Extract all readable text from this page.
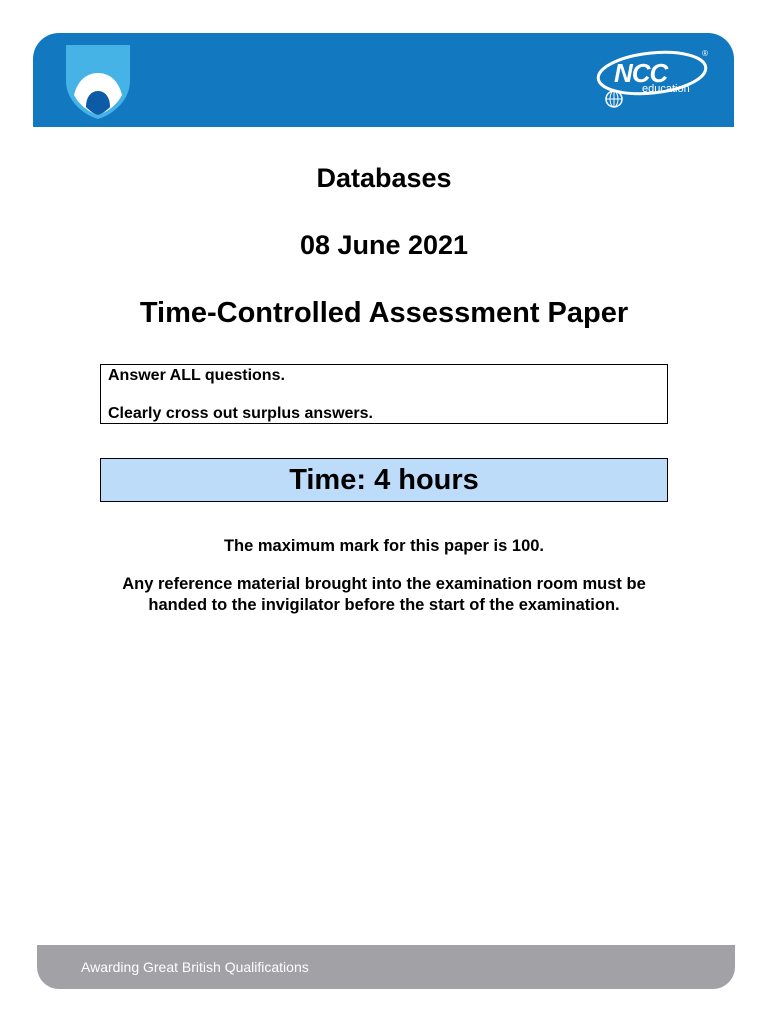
NCC
education
®
Databases
08 June 2021
Time-Controlled Assessment Paper
Answer ALL questions.
Clearly cross out surplus answers.
Time: 4 hours
The maximum mark for this paper is 100.
Any reference material brought into the examination room must be
handed to the invigilator before the start of the examination.
Awarding Great British Qualifications
